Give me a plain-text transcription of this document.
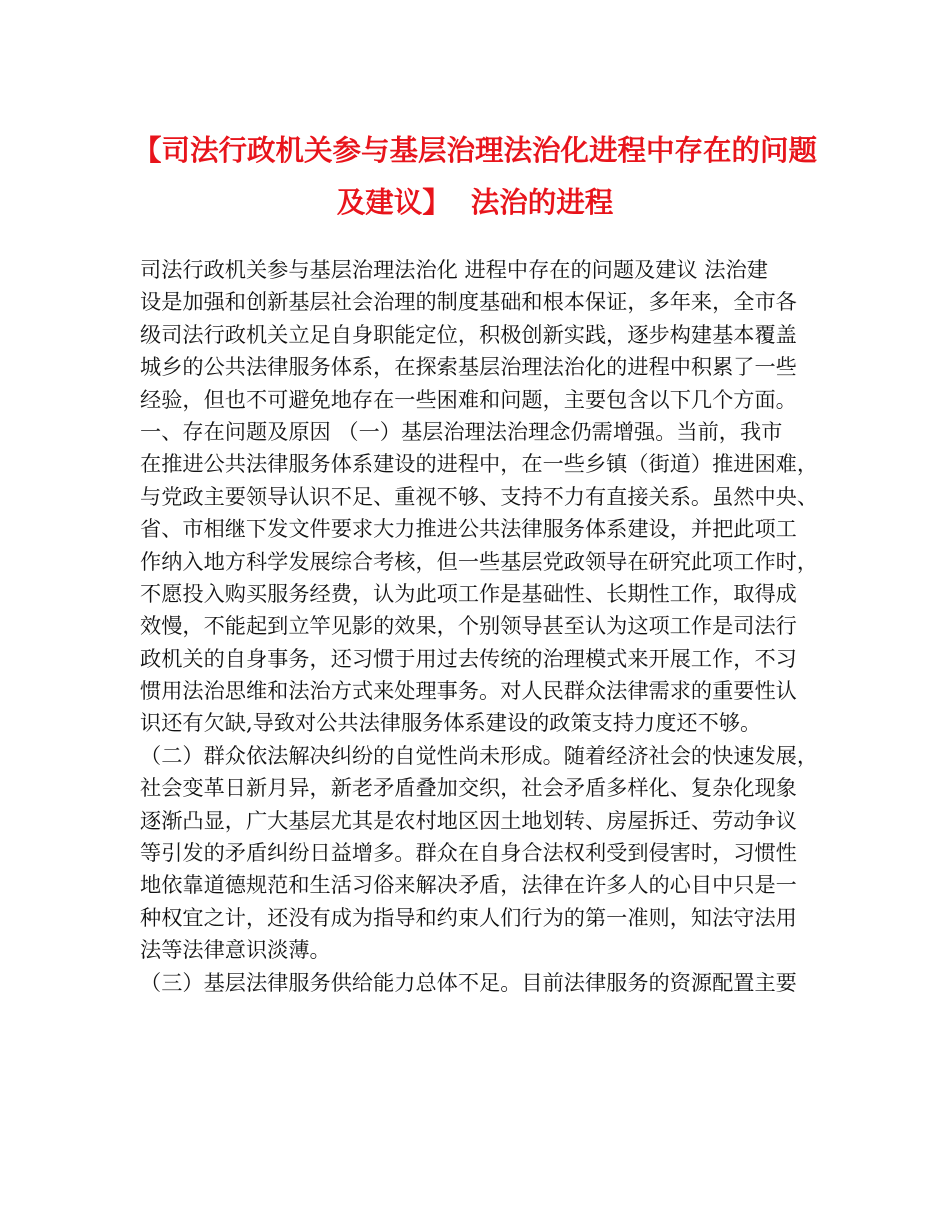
【司法行政机关参与基层治理法治化进程中存在的问题
及建议】 法治的进程
司法行政机关参与基层治理法治化 进程中存在的问题及建议 法治建
设是加强和创新基层社会治理的制度基础和根本保证，多年来，全市各
级司法行政机关立足自身职能定位，积极创新实践，逐步构建基本覆盖
城乡的公共法律服务体系，在探索基层治理法治化的进程中积累了一些
经验，但也不可避免地存在一些困难和问题，主要包含以下几个方面。
一、存在问题及原因 （一）基层治理法治理念仍需增强。当前，我市
在推进公共法律服务体系建设的进程中，在一些乡镇（街道）推进困难，
与党政主要领导认识不足、重视不够、支持不力有直接关系。虽然中央、
省、市相继下发文件要求大力推进公共法律服务体系建设，并把此项工
作纳入地方科学发展综合考核，但一些基层党政领导在研究此项工作时，
不愿投入购买服务经费，认为此项工作是基础性、长期性工作，取得成
效慢，不能起到立竿见影的效果，个别领导甚至认为这项工作是司法行
政机关的自身事务，还习惯于用过去传统的治理模式来开展工作，不习
惯用法治思维和法治方式来处理事务。对人民群众法律需求的重要性认
识还有欠缺,导致对公共法律服务体系建设的政策支持力度还不够。
（二）群众依法解决纠纷的自觉性尚未形成。随着经济社会的快速发展，
社会变革日新月异，新老矛盾叠加交织，社会矛盾多样化、复杂化现象
逐渐凸显，广大基层尤其是农村地区因土地划转、房屋拆迁、劳动争议
等引发的矛盾纠纷日益增多。群众在自身合法权利受到侵害时，习惯性
地依靠道德规范和生活习俗来解决矛盾，法律在许多人的心目中只是一
种权宜之计，还没有成为指导和约束人们行为的第一准则，知法守法用
法等法律意识淡薄。
（三）基层法律服务供给能力总体不足。目前法律服务的资源配置主要
